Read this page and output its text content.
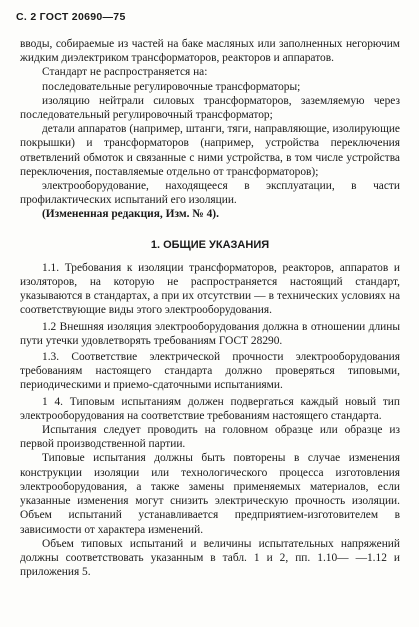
С. 2 ГОСТ 20690—75

вводы, собираемые из частей на баке масляных или заполненных негорючим жидким диэлектриком трансформаторов, реакторов и аппаратов.

Стандарт не распространяется на:

последовательные регулировочные трансформаторы;

изоляцию нейтрали силовых трансформаторов, заземляемую через последовательный регулировочный трансформатор;

детали аппаратов (например, штанги, тяги, направляющие, изолирующие покрышки) и трансформаторов (например, устройства переключения ответвлений обмоток и связанные с ними устройства, в том числе устройства переключения, поставляемые отдельно от трансформаторов);

электрооборудование, находящееся в эксплуатации, в части профилактических испытаний его изоляции.

(Измененная редакция, Изм. № 4).

1. ОБЩИЕ УКАЗАНИЯ

1.1. Требования к изоляции трансформаторов, реакторов, аппаратов и изоляторов, на которую не распространяется настоящий стандарт, указываются в стандартах, а при их отсутствии — в технических условиях на соответствующие виды этого электрооборудования.

1.2 Внешняя изоляция электрооборудования должна в отношении длины пути утечки удовлетворять требованиям ГОСТ 28290.

1.3. Соответствие электрической прочности электрооборудования требованиям настоящего стандарта должно проверяться типовыми, периодическими и приемо-сдаточными испытаниями.

1 4. Типовым испытаниям должен подвергаться каждый новый тип электрооборудования на соответствие требованиям настоящего стандарта.

Испытания следует проводить на головном образце или образце из первой производственной партии.

Типовые испытания должны быть повторены в случае изменения конструкции изоляции или технологического процесса изготовления электрооборудования, а также замены применяемых материалов, если указанные изменения могут снизить электрическую прочность изоляции. Объем испытаний устанавливается предприятием-изготовителем в зависимости от характера изменений.

Объем типовых испытаний и величины испытательных напряжений должны соответствовать указанным в табл. 1 и 2, пп. 1.10— —1.12 и приложения 5.
